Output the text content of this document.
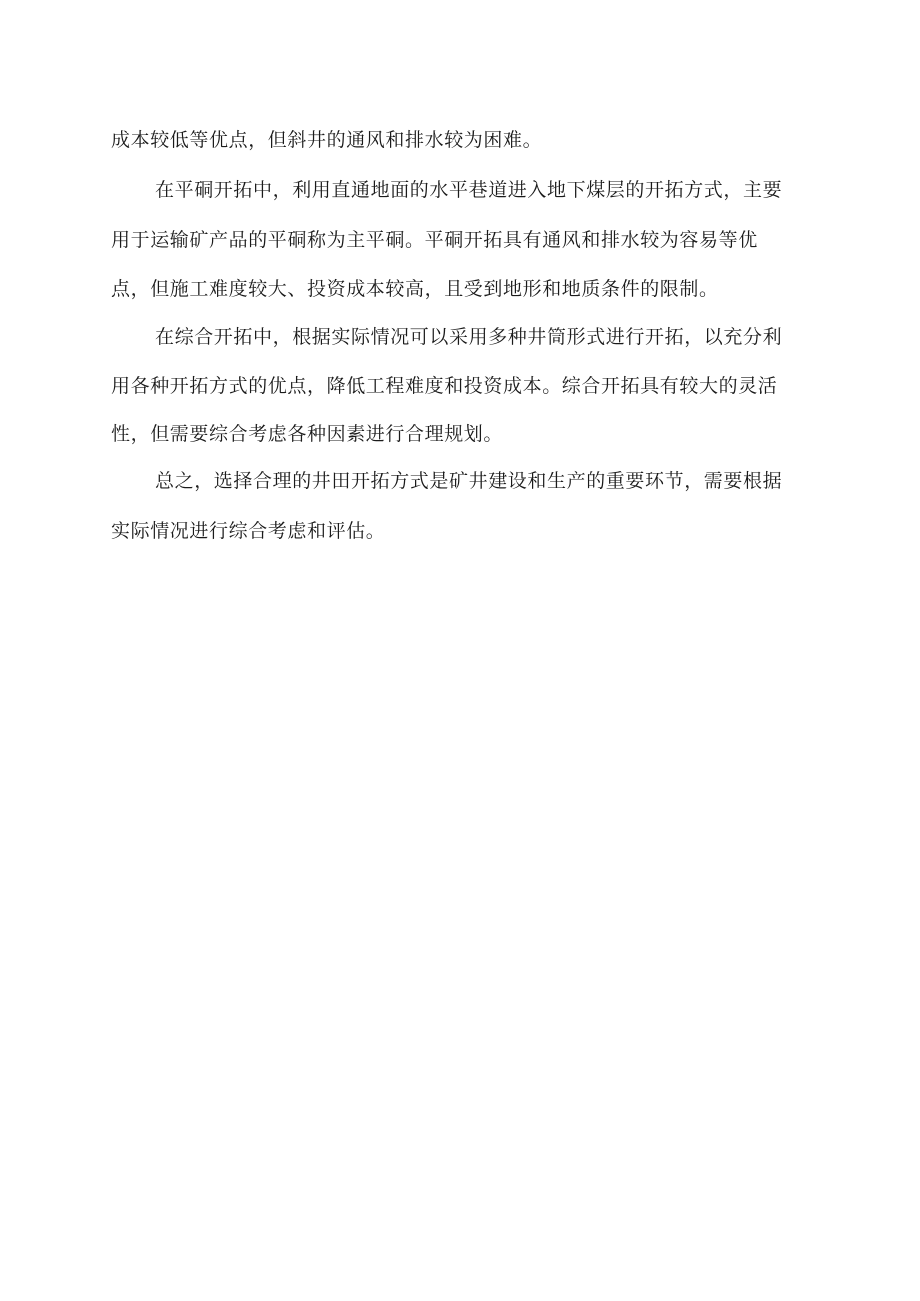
成本较低等优点，但斜井的通风和排水较为困难。
在平硐开拓中，利用直通地面的水平巷道进入地下煤层的开拓方式，主要
用于运输矿产品的平硐称为主平硐。平硐开拓具有通风和排水较为容易等优
点，但施工难度较大、投资成本较高，且受到地形和地质条件的限制。
在综合开拓中，根据实际情况可以采用多种井筒形式进行开拓，以充分利
用各种开拓方式的优点，降低工程难度和投资成本。综合开拓具有较大的灵活
性，但需要综合考虑各种因素进行合理规划。
总之，选择合理的井田开拓方式是矿井建设和生产的重要环节，需要根据
实际情况进行综合考虑和评估。
